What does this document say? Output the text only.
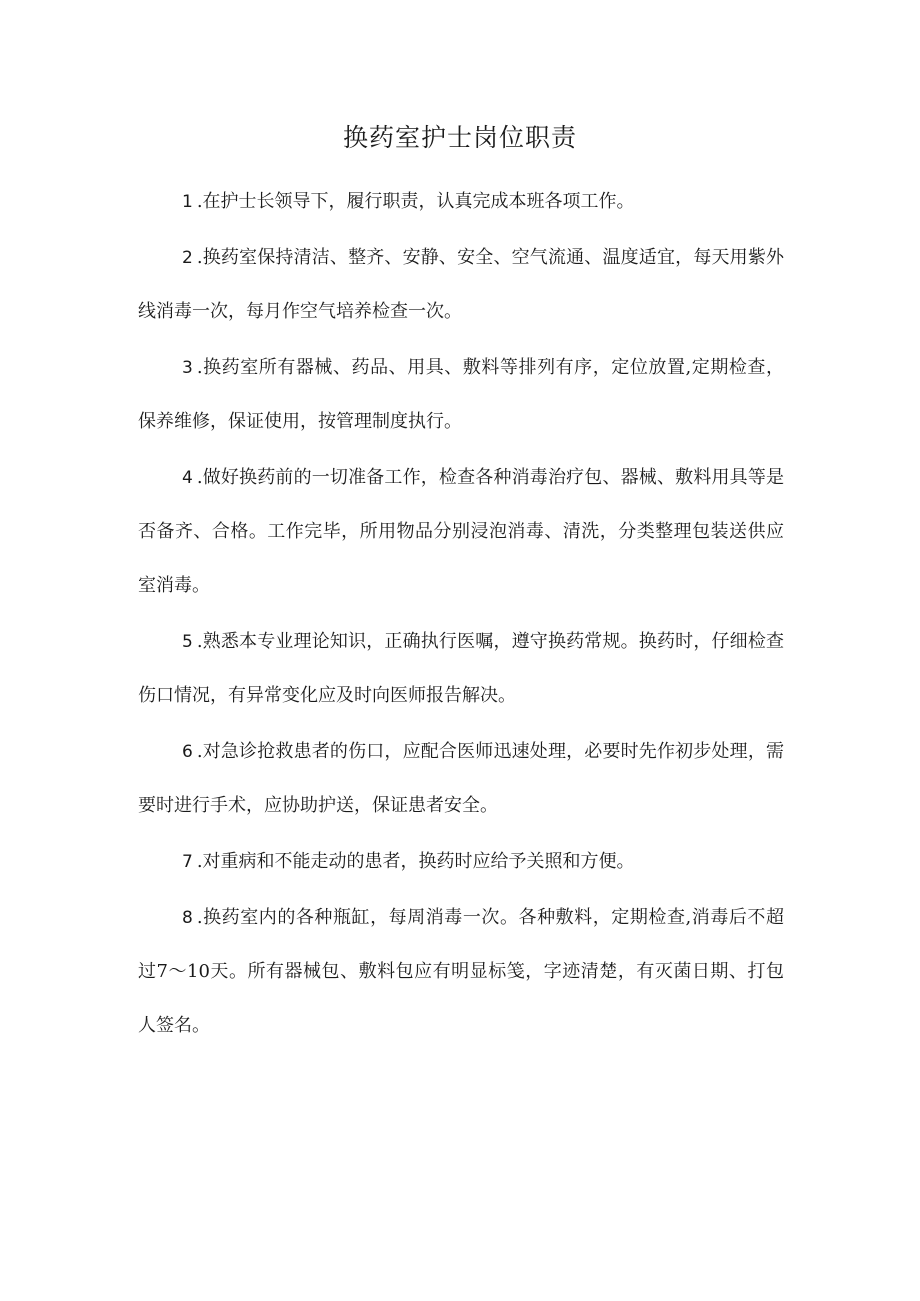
换药室护士岗位职责

1 .在护士长领导下，履行职责，认真完成本班各项工作。

2 .换药室保持清洁、整齐、安静、安全、空气流通、温度适宜，每天用紫外线消毒一次，每月作空气培养检查一次。

3 .换药室所有器械、药品、用具、敷料等排列有序，定位放置,定期检查，保养维修，保证使用，按管理制度执行。

4 .做好换药前的一切准备工作，检查各种消毒治疗包、器械、敷料用具等是否备齐、合格。工作完毕，所用物品分别浸泡消毒、清洗，分类整理包装送供应室消毒。

5 .熟悉本专业理论知识，正确执行医嘱，遵守换药常规。换药时，仔细检查伤口情况，有异常变化应及时向医师报告解决。

6 .对急诊抢救患者的伤口，应配合医师迅速处理，必要时先作初步处理，需要时进行手术，应协助护送，保证患者安全。

7 .对重病和不能走动的患者，换药时应给予关照和方便。

8 .换药室内的各种瓶缸，每周消毒一次。各种敷料，定期检查,消毒后不超过7〜10天。所有器械包、敷料包应有明显标笺，字迹清楚，有灭菌日期、打包人签名。
